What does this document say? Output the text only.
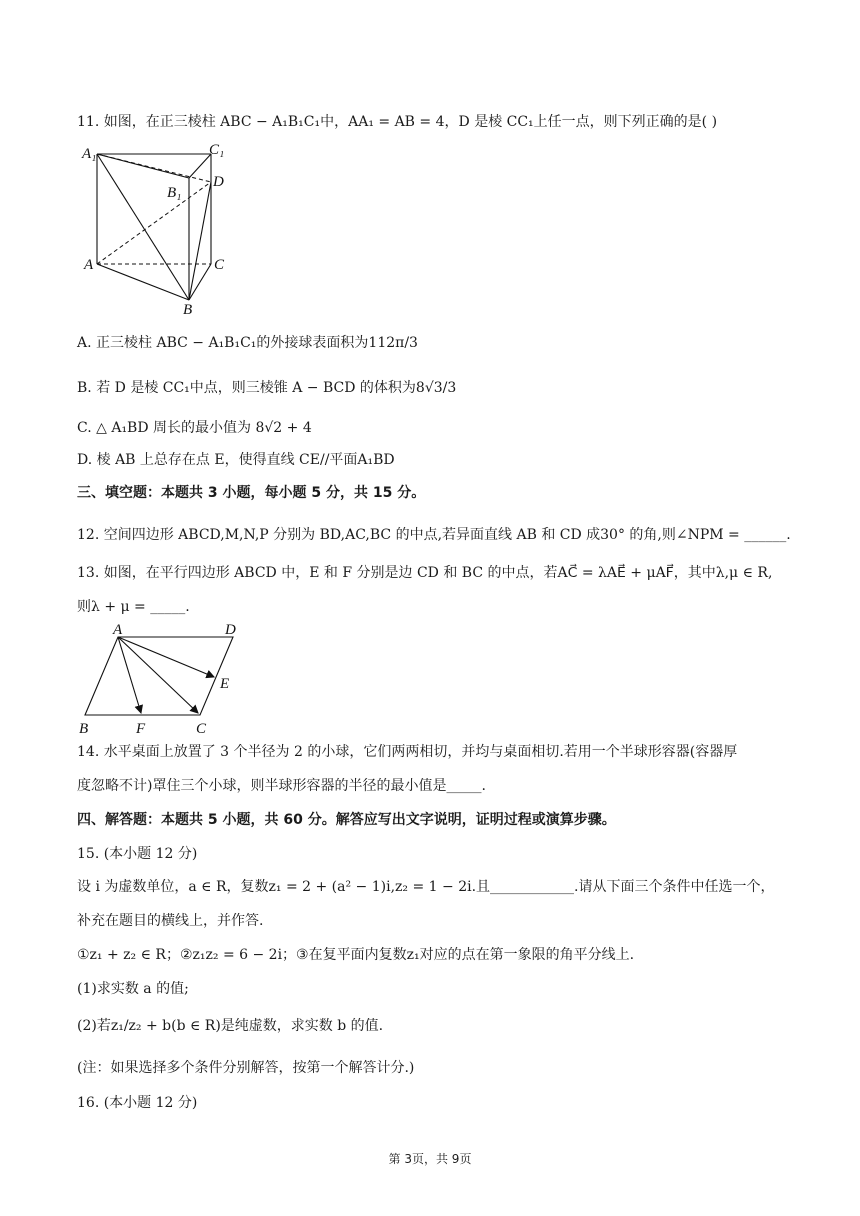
11. 如图，在正三棱柱 ABC − A₁B₁C₁中，AA₁ = AB = 4，D 是棱 CC₁上任一点，则下列正确的是( )
A₁	C₁
B₁
D
A	C
B
A. 正三棱柱 ABC − A₁B₁C₁的外接球表面积为112π/3
B. 若 D 是棱 CC₁中点，则三棱锥 A − BCD 的体积为8√3/3
C. △ A₁BD 周长的最小值为 8√2 + 4
D. 棱 AB 上总存在点 E，使得直线 CE//平面A₁BD
三、填空题：本题共 3 小题，每小题 5 分，共 15 分。
12. 空间四边形 ABCD,M,N,P 分别为 BD,AC,BC 的中点,若异面直线 AB 和 CD 成30° 的角,则∠NPM = ______.
13. 如图，在平行四边形 ABCD 中，E 和 F 分别是边 CD 和 BC 的中点，若AC⃗ = λAE⃗ + μAF⃗，其中λ,μ ∈ R,
则λ + μ = _____.
A	D
E
B	F	C
14. 水平桌面上放置了 3 个半径为 2 的小球，它们两两相切，并均与桌面相切.若用一个半球形容器(容器厚
度忽略不计)罩住三个小球，则半球形容器的半径的最小值是_____.
四、解答题：本题共 5 小题，共 60 分。解答应写出文字说明，证明过程或演算步骤。
15. (本小题 12 分)
设 i 为虚数单位，a ∈ R，复数z₁ = 2 + (a² − 1)i,z₂ = 1 − 2i.且____________.请从下面三个条件中任选一个，
补充在题目的横线上，并作答.
①z₁ + z₂ ∈ R；②z₁z₂ = 6 − 2i；③在复平面内复数z₁对应的点在第一象限的角平分线上.
(1)求实数 a 的值;
(2)若z₁/z₂ + b(b ∈ R)是纯虚数，求实数 b 的值.
(注：如果选择多个条件分别解答，按第一个解答计分.)
16. (本小题 12 分)
第 3页，共 9页
